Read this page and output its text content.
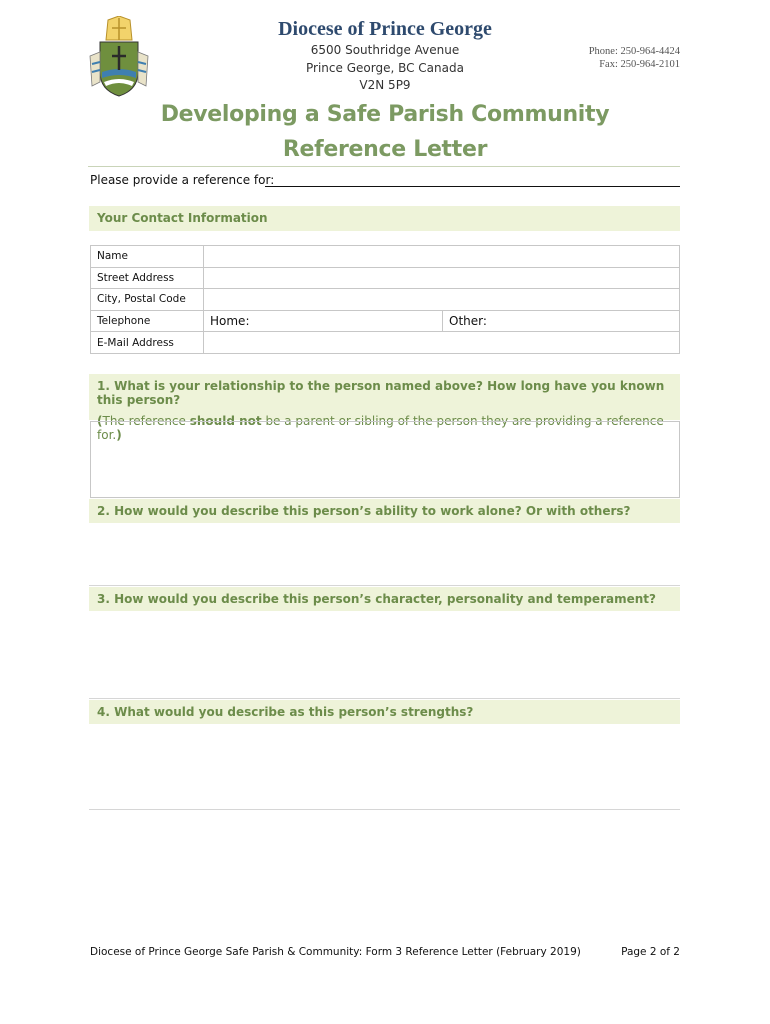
Diocese of Prince George
6500 Southridge Avenue
Prince George, BC Canada
V2N 5P9
Phone: 250-964-4424
Fax: 250-964-2101
Developing a Safe Parish Community
Reference Letter
Please provide a reference for:
Your Contact Information
Name		
Street Address		
City, Postal Code		
Telephone	Home:	Other:
E-Mail Address		
1. What is your relationship to the person named above? How long have you known this person?
(The reference should not be a parent or sibling of the person they are providing a reference for.)
2. How would you describe this person’s ability to work alone? Or with others?
3. How would you describe this person’s character, personality and temperament?
4. What would you describe as this person’s strengths?
Diocese of Prince George Safe Parish & Community: Form 3 Reference Letter (February 2019)	Page 2 of 2
